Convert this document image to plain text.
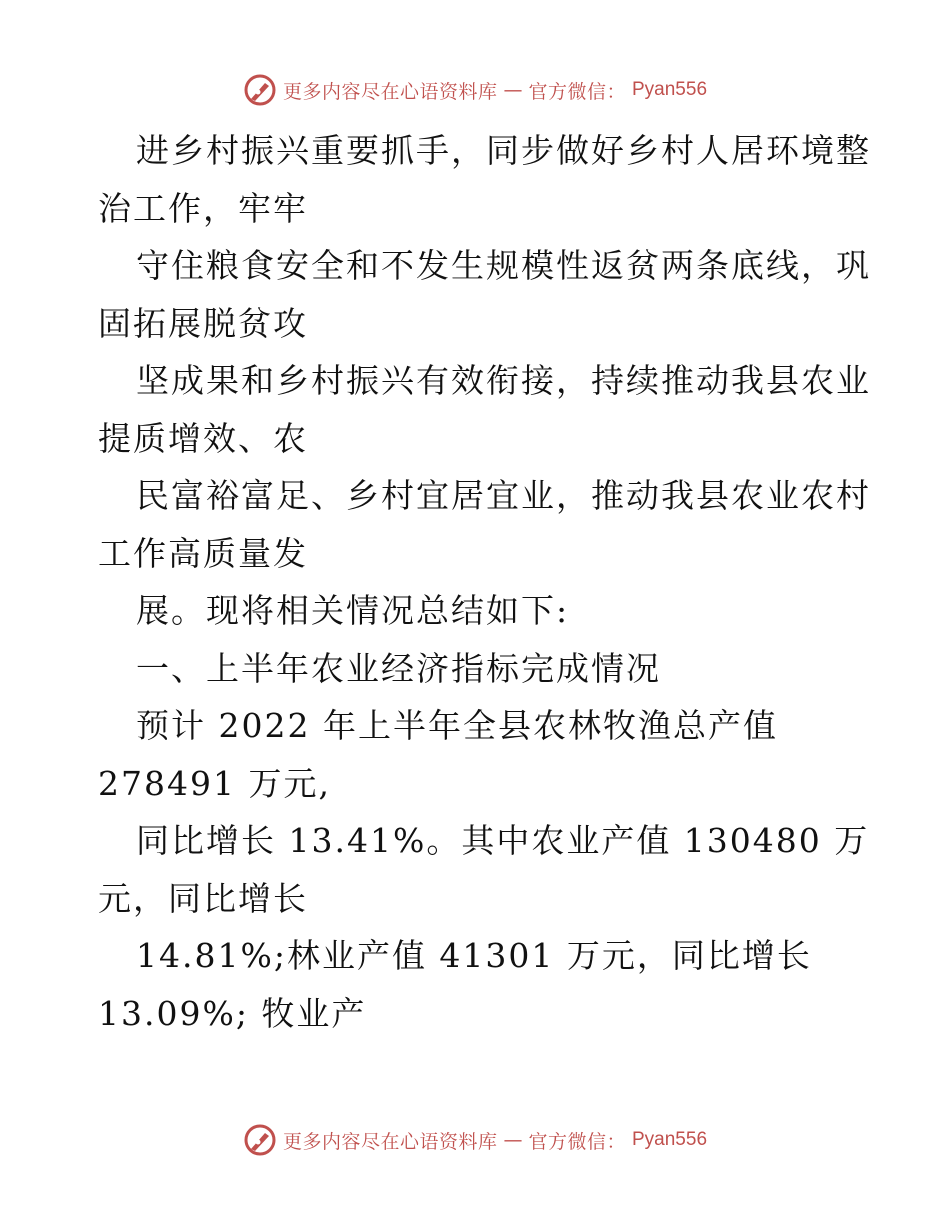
更多内容尽在心语资料库 — 官方微信： Pyan556
进乡村振兴重要抓手，同步做好乡村人居环境整
治工作，牢牢
守住粮食安全和不发生规模性返贫两条底线，巩
固拓展脱贫攻
坚成果和乡村振兴有效衔接，持续推动我县农业
提质增效、农
民富裕富足、乡村宜居宜业，推动我县农业农村
工作高质量发
展。现将相关情况总结如下:
一、上半年农业经济指标完成情况
预计 2022 年上半年全县农林牧渔总产值
278491 万元,
同比增长 13.41%。其中农业产值 130480 万
元，同比增长
14.81%;林业产值 41301 万元，同比增长
13.09%; 牧业产
更多内容尽在心语资料库 — 官方微信： Pyan556
